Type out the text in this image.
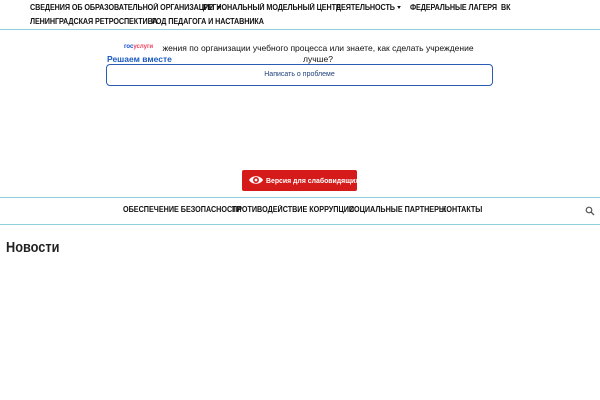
СВЕДЕНИЯ ОБ ОБРАЗОВАТЕЛЬНОЙ ОРГАНИЗАЦИИ
РЕГИОНАЛЬНЫЙ МОДЕЛЬНЫЙ ЦЕНТР
ДЕЯТЕЛЬНОСТЬ	ФЕДЕРАЛЬНЫЕ ЛАГЕРЯ ВК
ЛЕНИНГРАДСКАЯ РЕТРОСПЕКТИВА
ГОД ПЕДАГОГА И НАСТАВНИКА
госуслуги	жения по организации учебного процесса или знаете, как сделать учреждение лучше?
Решаем вместе
Написать о проблеме
Версия для слабовидящих
ОБЕСПЕЧЕНИЕ БЕЗОПАСНОСТИ
ПРОТИВОДЕЙСТВИЕ КОРРУПЦИИ
СОЦИАЛЬНЫЕ ПАРТНЕРЫ
КОНТАКТЫ
Новости
